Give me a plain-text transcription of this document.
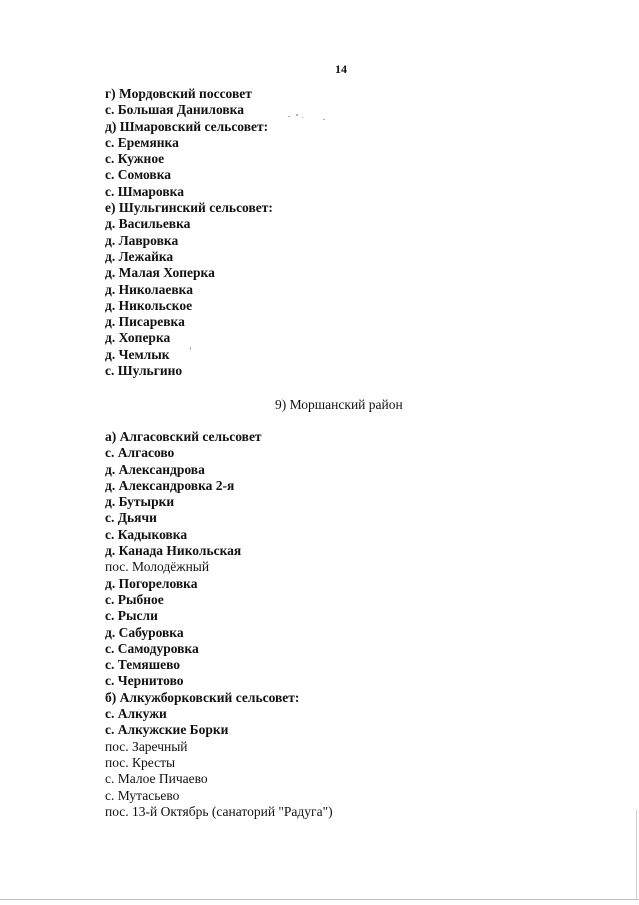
14
г) Мордовский поссовет
с. Большая Даниловка
д) Шмаровский сельсовет:
с. Еремянка
с. Кужное
с. Сомовка
с. Шмаровка
е) Шульгинский сельсовет:
д. Васильевка
д. Лавровка
д. Лежайка
д. Малая Хоперка
д. Николаевка
д. Никольское
д. Писаревка
д. Хоперка
д. Чемлык
с. Шульгино
9) Моршанский район
а) Алгасовский сельсовет
с. Алгасово
д. Александрова
д. Александровка 2-я
д. Бутырки
с. Дьячи
с. Кадыковка
д. Канада Никольская
пос. Молодёжный
д. Погореловка
с. Рыбное
с. Рысли
д. Сабуровка
с. Самодуровка
с. Темяшево
с. Чернитово
б) Алкужборковский сельсовет:
с. Алкужи
с. Алкужские Борки
пос. Заречный
пос. Кресты
с. Малое Пичаево
с. Мутасьево
пос. 13-й Октябрь (санаторий "Радуга")
